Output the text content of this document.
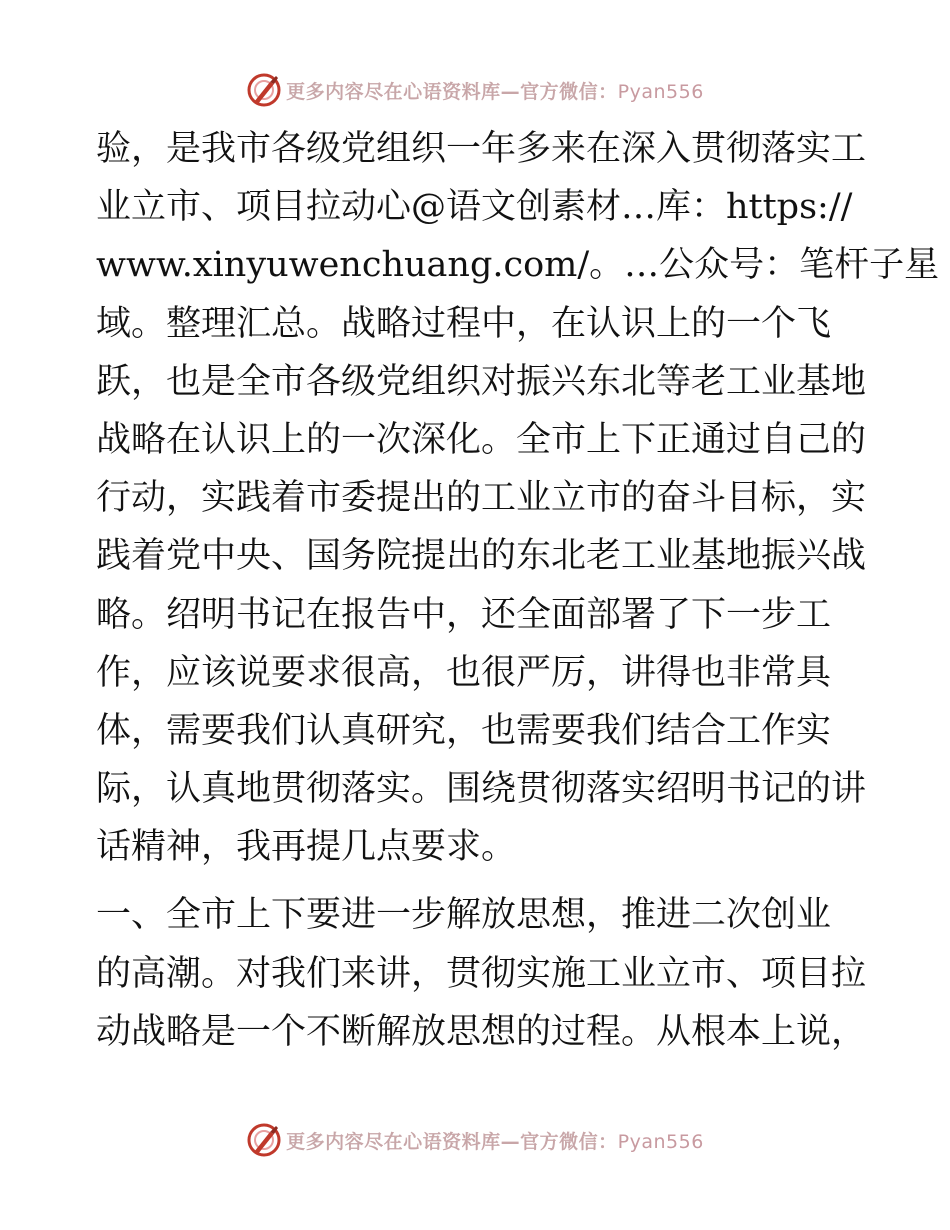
更多内容尽在心语资料库—官方微信：Pyan556
验，是我市各级党组织一年多来在深入贯彻落实工
业立市、项目拉动心@语文创素材…库：https://
www.xinyuwenchuang.com/。…公众号：笔杆子星
域。整理汇总。战略过程中，在认识上的一个飞
跃，也是全市各级党组织对振兴东北等老工业基地
战略在认识上的一次深化。全市上下正通过自己的
行动，实践着市委提出的工业立市的奋斗目标，实
践着党中央、国务院提出的东北老工业基地振兴战
略。绍明书记在报告中，还全面部署了下一步工
作，应该说要求很高，也很严厉，讲得也非常具
体，需要我们认真研究，也需要我们结合工作实
际，认真地贯彻落实。围绕贯彻落实绍明书记的讲
话精神，我再提几点要求。
一、全市上下要进一步解放思想，推进二次创业
的高潮。对我们来讲，贯彻实施工业立市、项目拉
动战略是一个不断解放思想的过程。从根本上说，
更多内容尽在心语资料库—官方微信：Pyan556
